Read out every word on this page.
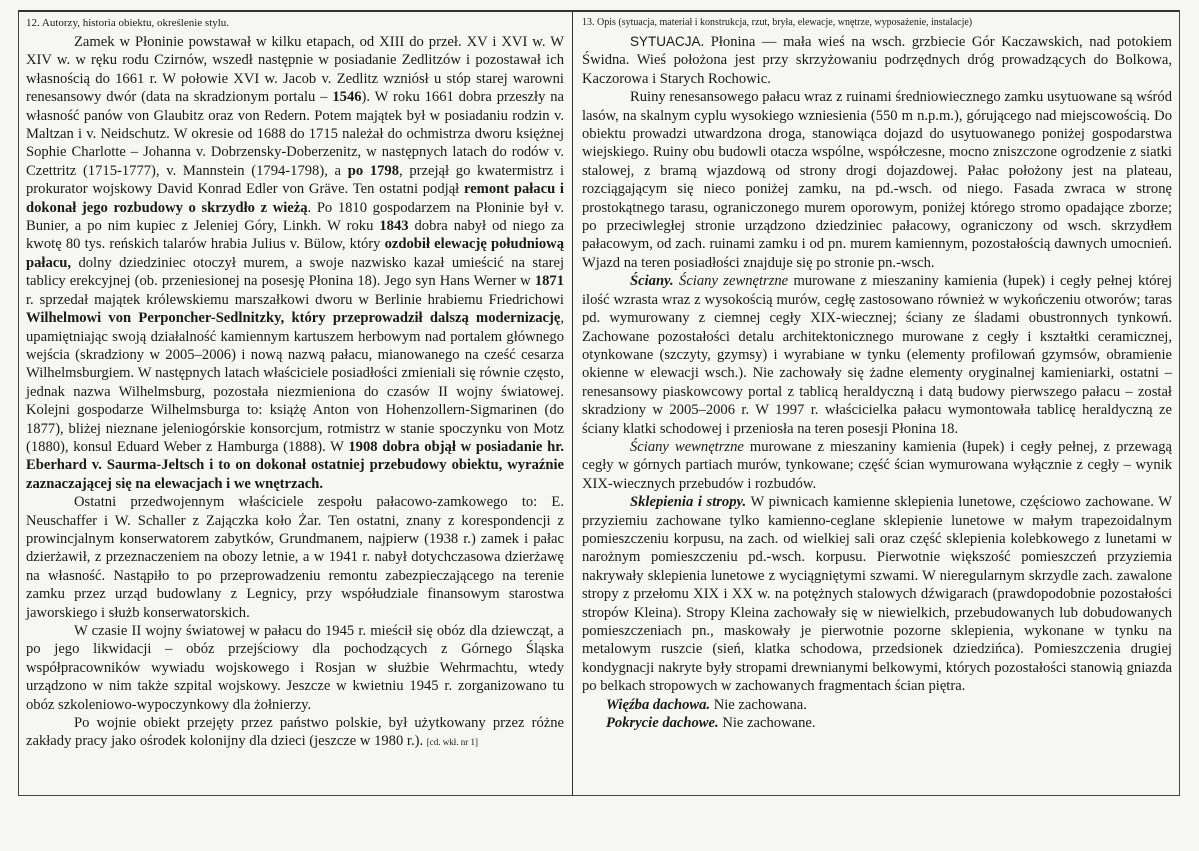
12. Autorzy, historia obiektu, określenie stylu.

Zamek w Płoninie powstawał w kilku etapach, od XIII do przeł. XV i XVI w. W XIV w. w ręku rodu Czirnów, wszedł następnie w posiadanie Zedlitzów i pozostawał ich własnością do 1661 r. W połowie XVI w. Jacob v. Zedlitz wzniósł u stóp starej warowni renesansowy dwór (data na skradzionym portalu – 1546). W roku 1661 dobra przeszły na własność panów von Glaubitz oraz von Redern. Potem majątek był w posiadaniu rodzin v. Maltzan i v. Neidschutz. W okresie od 1688 do 1715 należał do ochmistrza dworu księżnej Sophie Charlotte – Johanna v. Dobrzensky-Doberzenitz, w następnych latach do rodów v. Czettritz (1715-1777), v. Mannstein (1794-1798), a po 1798, przejął go kwatermistrz i prokurator wojskowy David Konrad Edler von Gräve. Ten ostatni podjął remont pałacu i dokonał jego rozbudowy o skrzydło z wieżą. Po 1810 gospodarzem na Płoninie był v. Bunier, a po nim kupiec z Jeleniej Góry, Linkh. W roku 1843 dobra nabył od niego za kwotę 80 tys. reńskich talarów hrabia Julius v. Bülow, który ozdobił elewację południową pałacu, dolny dziedziniec otoczył murem, a swoje nazwisko kazał umieścić na starej tablicy erekcyjnej (ob. przeniesionej na posesję Płonina 18). Jego syn Hans Werner w 1871 r. sprzedał majątek królewskiemu marszałkowi dworu w Berlinie hrabiemu Friedrichowi Wilhelmowi von Perponcher-Sedlnitzky, który przeprowadził dalszą modernizację, upamiętniając swoją działalność kamiennym kartuszem herbowym nad portalem głównego wejścia (skradziony w 2005–2006) i nową nazwą pałacu, mianowanego na cześć cesarza Wilhelmsburgiem. W następnych latach właściciele posiadłości zmieniali się równie często, jednak nazwa Wilhelmsburg, pozostała niezmieniona do czasów II wojny światowej. Kolejni gospodarze Wilhelmsburga to: książę Anton von Hohenzollern-Sigmarinen (do 1877), bliżej nieznane jeleniogórskie konsorcjum, rotmistrz w stanie spoczynku von Motz (1880), konsul Eduard Weber z Hamburga (1888). W 1908 dobra objął w posiadanie hr. Eberhard v. Saurma-Jeltsch i to on dokonał ostatniej przebudowy obiektu, wyraźnie zaznaczającej się na elewacjach i we wnętrzach.

Ostatni przedwojennym właściciele zespołu pałacowo-zamkowego to: E. Neuschaffer i W. Schaller z Zajączka koło Żar. Ten ostatni, znany z korespondencji z prowincjalnym konserwatorem zabytków, Grundmanem, najpierw (1938 r.) zamek i pałac dzierżawił, z przeznaczeniem na obozy letnie, a w 1941 r. nabył dotychczasowa dzierżawę na własność. Nastąpiło to po przeprowadzeniu remontu zabezpieczającego na terenie zamku przez urząd budowlany z Legnicy, przy współudziale finansowym starostwa jaworskiego i służb konserwatorskich.

W czasie II wojny światowej w pałacu do 1945 r. mieścił się obóz dla dziewcząt, a po jego likwidacji – obóz przejściowy dla pochodzących z Górnego Śląska współpracowników wywiadu wojskowego i Rosjan w służbie Wehrmachtu, wtedy urządzono w nim także szpital wojskowy. Jeszcze w kwietniu 1945 r. zorganizowano tu obóz szkoleniowo-wypoczynkowy dla żołnierzy.

Po wojnie obiekt przejęty przez państwo polskie, był użytkowany przez różne zakłady pracy jako ośrodek kolonijny dla dzieci (jeszcze w 1980 r.). [cd. wkł. nr 1]

13. Opis (sytuacja, materiał i konstrukcja, rzut, bryła, elewacje, wnętrze, wyposażenie, instalacje)

SYTUACJA. Płonina — mała wieś na wsch. grzbiecie Gór Kaczawskich, nad potokiem Świdna. Wieś położona jest przy skrzyżowaniu podrzędnych dróg prowadzących do Bolkowa, Kaczorowa i Starych Rochowic.

Ruiny renesansowego pałacu wraz z ruinami średniowiecznego zamku usytuowane są wśród lasów, na skalnym cyplu wysokiego wzniesienia (550 m n.p.m.), górującego nad miejscowością. Do obiektu prowadzi utwardzona droga, stanowiąca dojazd do usytuowanego poniżej gospodarstwa wiejskiego. Ruiny obu budowli otacza wspólne, współczesne, mocno zniszczone ogrodzenie z siatki stalowej, z bramą wjazdową od strony drogi dojazdowej. Pałac położony jest na plateau, rozciągającym się nieco poniżej zamku, na pd.-wsch. od niego. Fasada zwraca w stronę prostokątnego tarasu, ograniczonego murem oporowym, poniżej którego stromo opadające zborze; po przeciwległej stronie urządzono dziedziniec pałacowy, ograniczony od wsch. skrzydłem pałacowym, od zach. ruinami zamku i od pn. murem kamiennym, pozostałością dawnych umocnień. Wjazd na teren posiadłości znajduje się po stronie pn.-wsch.

Ściany. Ściany zewnętrzne murowane z mieszaniny kamienia (łupek) i cegły pełnej której ilość wzrasta wraz z wysokością murów, cegłę zastosowano również w wykończeniu otworów; taras pd. wymurowany z ciemnej cegły XIX-wiecznej; ściany ze śladami obustronnych tynkowń. Zachowane pozostałości detalu architektonicznego murowane z cegły i kształtki ceramicznej, otynkowane (szczyty, gzymsy) i wyrabiane w tynku (elementy profilowań gzymsów, obramienie okienne w elewacji wsch.). Nie zachowały się żadne elementy oryginalnej kamieniarki, ostatni – renesansowy piaskowcowy portal z tablicą heraldyczną i datą budowy pierwszego pałacu – został skradziony w 2005–2006 r. W 1997 r. właścicielka pałacu wymontowała tablicę heraldyczną ze ściany klatki schodowej i przeniosła na teren posesji Płonina 18.

Ściany wewnętrzne murowane z mieszaniny kamienia (łupek) i cegły pełnej, z przewagą cegły w górnych partiach murów, tynkowane; część ścian wymurowana wyłącznie z cegły – wynik XIX-wiecznych przebudów i rozbudów.

Sklepienia i stropy. W piwnicach kamienne sklepienia lunetowe, częściowo zachowane. W przyziemiu zachowane tylko kamienno-ceglane sklepienie lunetowe w małym trapezoidalnym pomieszczeniu korpusu, na zach. od wielkiej sali oraz część sklepienia kolebkowego z lunetami w narożnym pomieszczeniu pd.-wsch. korpusu. Pierwotnie większość pomieszczeń przyziemia nakrywały sklepienia lunetowe z wyciągniętymi szwami. W nieregularnym skrzydle zach. zawalone stropy z przełomu XIX i XX w. na potężnych stalowych dźwigarach (prawdopodobnie pozostałości stropów Kleina). Stropy Kleina zachowały się w niewielkich, przebudowanych lub dobudowanych pomieszczeniach pn., maskowały je pierwotnie pozorne sklepienia, wykonane w tynku na metalowym ruszcie (sień, klatka schodowa, przedsionek dziedzińca). Pomieszczenia drugiej kondygnacji nakryte były stropami drewnianymi belkowymi, których pozostałości stanowią gniazda po belkach stropowych w zachowanych fragmentach ścian piętra.

Więźba dachowa. Nie zachowana.

Pokrycie dachowe. Nie zachowane.
